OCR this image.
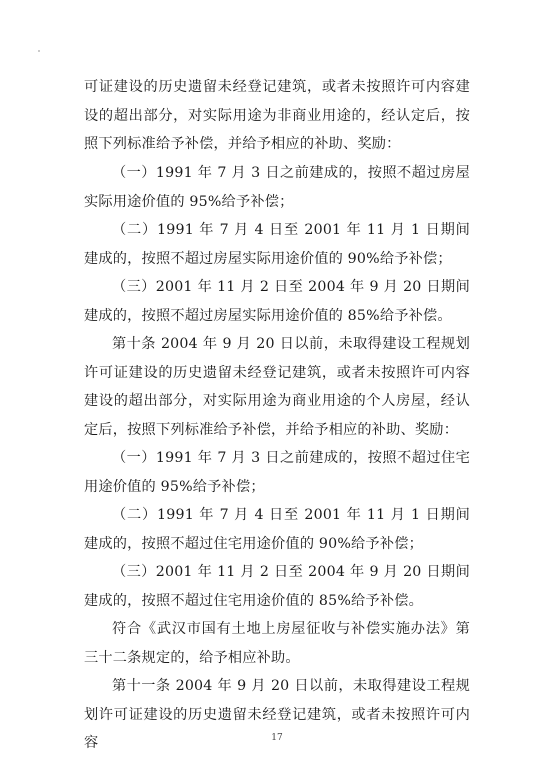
可证建设的历史遗留未经登记建筑，或者未按照许可内容建设的超出部分，对实际用途为非商业用途的，经认定后，按照下列标准给予补偿，并给予相应的补助、奖励：

（一）1991 年 7 月 3 日之前建成的，按照不超过房屋实际用途价值的 95%给予补偿；

（二）1991 年 7 月 4 日至 2001 年 11 月 1 日期间建成的，按照不超过房屋实际用途价值的 90%给予补偿；

（三）2001 年 11 月 2 日至 2004 年 9 月 20 日期间建成的，按照不超过房屋实际用途价值的 85%给予补偿。

第十条 2004 年 9 月 20 日以前，未取得建设工程规划许可证建设的历史遗留未经登记建筑，或者未按照许可内容建设的超出部分，对实际用途为商业用途的个人房屋，经认定后，按照下列标准给予补偿，并给予相应的补助、奖励：

（一）1991 年 7 月 3 日之前建成的，按照不超过住宅用途价值的 95%给予补偿；

（二）1991 年 7 月 4 日至 2001 年 11 月 1 日期间建成的，按照不超过住宅用途价值的 90%给予补偿；

（三）2001 年 11 月 2 日至 2004 年 9 月 20 日期间建成的，按照不超过住宅用途价值的 85%给予补偿。

符合《武汉市国有土地上房屋征收与补偿实施办法》第三十二条规定的，给予相应补助。

第十一条 2004 年 9 月 20 日以前，未取得建设工程规划许可证建设的历史遗留未经登记建筑，或者未按照许可内容	17
